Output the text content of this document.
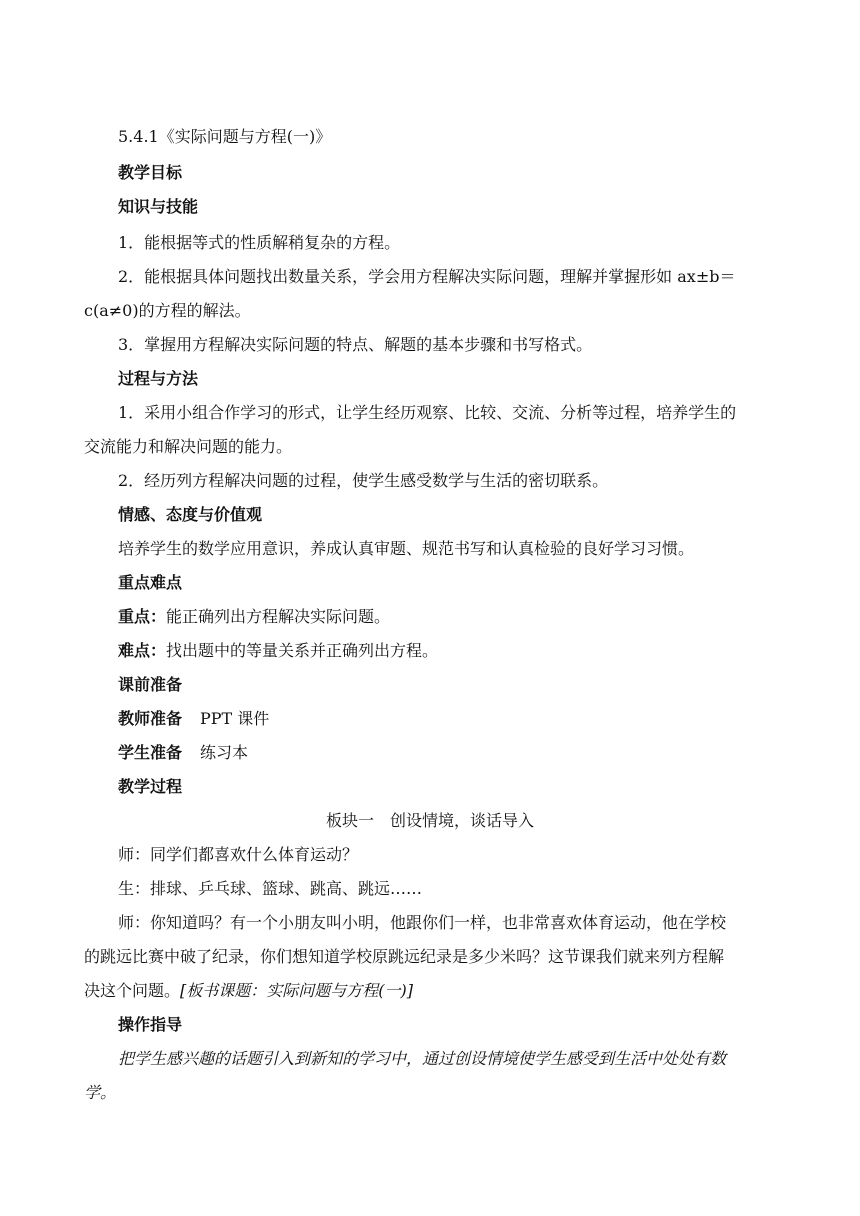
5.4.1《实际问题与方程(一)》
教学目标
知识与技能
1．能根据等式的性质解稍复杂的方程。
2．能根据具体问题找出数量关系，学会用方程解决实际问题，理解并掌握形如 ax±b＝
c(a≠0)的方程的解法。
3．掌握用方程解决实际问题的特点、解题的基本步骤和书写格式。
过程与方法
1．采用小组合作学习的形式，让学生经历观察、比较、交流、分析等过程，培养学生的
交流能力和解决问题的能力。
2．经历列方程解决问题的过程，使学生感受数学与生活的密切联系。
情感、态度与价值观
培养学生的数学应用意识，养成认真审题、规范书写和认真检验的良好学习习惯。
重点难点
重点：能正确列出方程解决实际问题。
难点：找出题中的等量关系并正确列出方程。
课前准备
教师准备 PPT 课件
学生准备 练习本
教学过程
板块一　创设情境，谈话导入
师：同学们都喜欢什么体育运动？
生：排球、乒乓球、篮球、跳高、跳远……
师：你知道吗？有一个小朋友叫小明，他跟你们一样，也非常喜欢体育运动，他在学校
的跳远比赛中破了纪录，你们想知道学校原跳远纪录是多少米吗？这节课我们就来列方程解
决这个问题。[板书课题：实际问题与方程(一)]
操作指导
把学生感兴趣的话题引入到新知的学习中，通过创设情境使学生感受到生活中处处有数
学。
